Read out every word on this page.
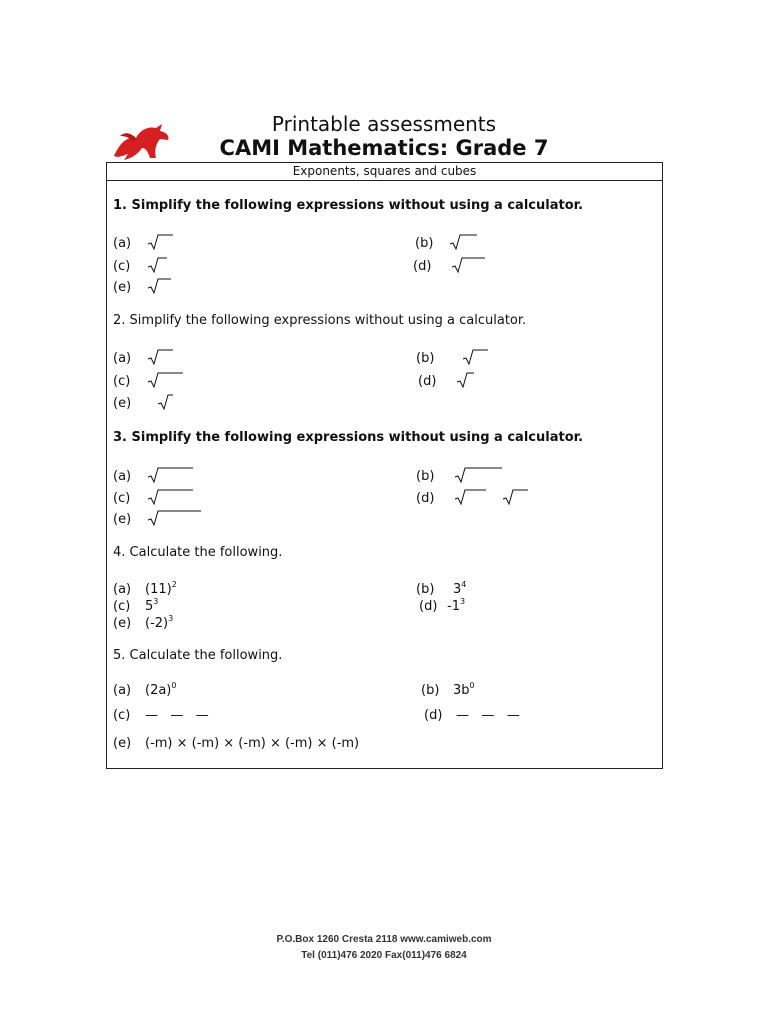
Printable assessments
CAMI Mathematics: Grade 7
Exponents, squares and cubes
1. Simplify the following expressions without using a calculator.
(a)	(b)
(c)	(d)
(e)
2. Simplify the following expressions without using a calculator.
(a)	(b)
(c)	(d)
(e)
3. Simplify the following expressions without using a calculator.
(a)	(b)
(c)	(d)
(e)
4. Calculate the following.
(a) $(11)^2$	(b) $3^4$
(c) $5^3$	(d) $-1^3$
(e) $(-2)^3$
5. Calculate the following.
(a) $(2a)^0$	(b) $3b^0$
(c) —   —   —	(d) —   —   —
(e) (-m) × (-m) × (-m) × (-m) × (-m)
P.O.Box 1260 Cresta 2118 www.camiweb.com
Tel (011)476 2020 Fax(011)476 6824
